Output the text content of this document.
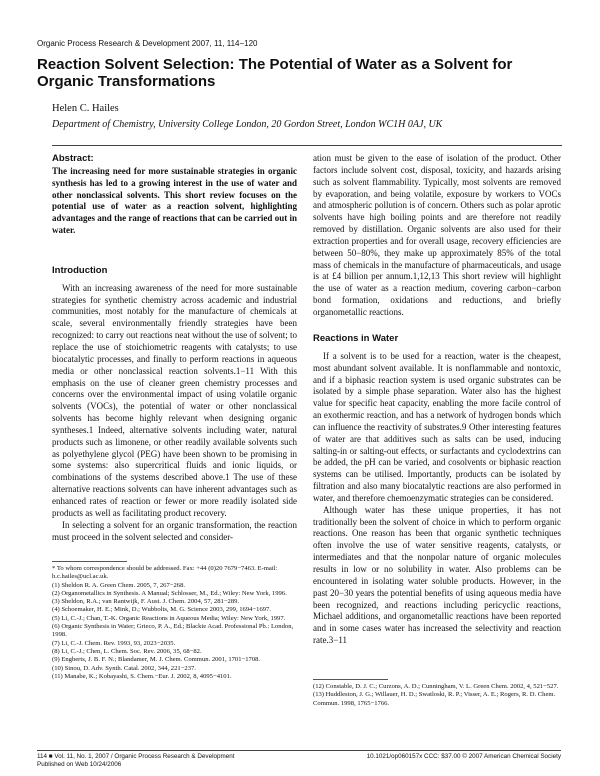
Organic Process Research & Development 2007, 11, 114−120
Reaction Solvent Selection: The Potential of Water as a Solvent for Organic Transformations
Helen C. Hailes
Department of Chemistry, University College London, 20 Gordon Street, London WC1H 0AJ, UK
Abstract:

The increasing need for more sustainable strategies in organic synthesis has led to a growing interest in the use of water and other nonclassical solvents. This short review focuses on the potential use of water as a reaction solvent, highlighting advantages and the range of reactions that can be carried out in water.

Introduction

With an increasing awareness of the need for more sustainable strategies for synthetic chemistry across academic and industrial communities, most notably for the manufacture of chemicals at scale, several environmentally friendly strategies have been recognized: to carry out reactions neat without the use of solvent; to replace the use of stoichiometric reagents with catalysts; to use biocatalytic processes, and finally to perform reactions in aqueous media or other nonclassical reaction solvents.1−11 With this emphasis on the use of cleaner green chemistry processes and concerns over the environmental impact of using volatile organic solvents (VOCs), the potential of water or other nonclassical solvents has become highly relevant when designing organic syntheses.1 Indeed, alternative solvents including water, natural products such as limonene, or other readily available solvents such as polyethylene glycol (PEG) have been shown to be promising in some systems: also supercritical fluids and ionic liquids, or combinations of the systems described above.1 The use of these alternative reactions solvents can have inherent advantages such as enhanced rates of reaction or fewer or more readily isolated side products as well as facilitating product recovery.

In selecting a solvent for an organic transformation, the reaction must proceed in the solvent selected and consider-

* To whom correspondence should be addressed. Fax: +44 (0)20 7679−7463. E-mail: h.c.hailes@ucl.ac.uk.

(1) Sheldon R. A. Green Chem. 2005, 7, 267−268.

(2) Organometallics in Synthesis. A Manual; Schlosser, M., Ed.; Wiley: New York, 1996.

(3) Sheldon, R.A.; van Rantwijk, F. Aust. J. Chem. 2004, 57, 281−289.

(4) Schoemaker, H. E.; Mink, D.; Wubbolts, M. G. Science 2003, 299, 1694−1697.

(5) Li, C.-J.; Chan, T.-K. Organic Reactions in Aqueous Media; Wiley: New York, 1997.

(6) Organic Synthesis in Water; Grieco, P. A., Ed.; Blackie Acad. Professional Pb.: London, 1998.

(7) Li, C.-J. Chem. Rev. 1993, 93, 2023−2035.

(8) Li, C.-J.; Chen, L. Chem. Soc. Rev. 2006, 35, 68−82.

(9) Engberts, J. B. F. N.; Blandamer, M. J. Chem. Commun. 2001, 1701−1708.

(10) Sinou, D. Adv. Synth. Catal. 2002, 344, 221−237.

(11) Manabe, K.; Kobayashi, S. Chem.−Eur. J. 2002, 8, 4095−4101.

ation must be given to the ease of isolation of the product. Other factors include solvent cost, disposal, toxicity, and hazards arising such as solvent flammability. Typically, most solvents are removed by evaporation, and being volatile, exposure by workers to VOCs and atmospheric pollution is of concern. Others such as polar aprotic solvents have high boiling points and are therefore not readily removed by distillation. Organic solvents are also used for their extraction properties and for overall usage, recovery efficiencies are between 50−80%, they make up approximately 85% of the total mass of chemicals in the manufacture of pharmaceuticals, and usage is at £4 billion per annum.1,12,13 This short review will highlight the use of water as a reaction medium, covering carbon−carbon bond formation, oxidations and reductions, and briefly organometallic reactions.

Reactions in Water

If a solvent is to be used for a reaction, water is the cheapest, most abundant solvent available. It is nonflammable and nontoxic, and if a biphasic reaction system is used organic substrates can be isolated by a simple phase separation. Water also has the highest value for specific heat capacity, enabling the more facile control of an exothermic reaction, and has a network of hydrogen bonds which can influence the reactivity of substrates.9 Other interesting features of water are that additives such as salts can be used, inducing salting-in or salting-out effects, or surfactants and cyclodextrins can be added, the pH can be varied, and cosolvents or biphasic reaction systems can be utilised. Importantly, products can be isolated by filtration and also many biocatalytic reactions are also performed in water, and therefore chemoenzymatic strategies can be considered.

Although water has these unique properties, it has not traditionally been the solvent of choice in which to perform organic reactions. One reason has been that organic synthetic techniques often involve the use of water sensitive reagents, catalysts, or intermediates and that the nonpolar nature of organic molecules results in low or no solubility in water. Also problems can be encountered in isolating water soluble products. However, in the past 20−30 years the potential benefits of using aqueous media have been recognized, and reactions including pericyclic reactions, Michael additions, and organometallic reactions have been reported and in some cases water has increased the selectivity and reaction rate.3−11

(12) Constable, D. J. C.; Curzons, A. D.; Cunningham, V. L. Green Chem. 2002, 4, 521−527.

(13) Huddleston, J. G.; Willauer, H. D.; Swatloski, R. P.; Visser, A. E.; Rogers, R. D. Chem. Commun. 1998, 1765−1766.

114 ■ Vol. 11, No. 1, 2007 / Organic Process Research & Development
Published on Web 10/24/2006
10.1021/op060157x CCC: $37.00 © 2007 American Chemical Society
